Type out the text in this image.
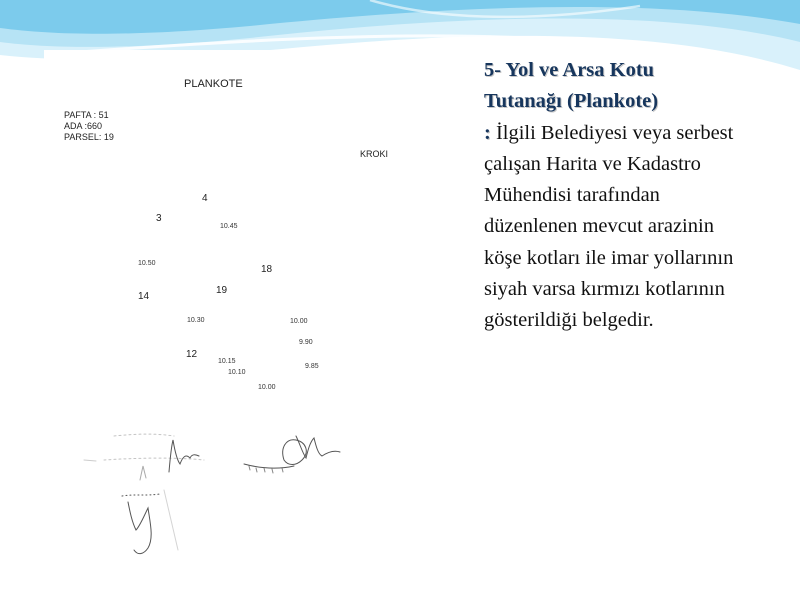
PLANKOTE
PAFTA : 51
ADA :660
PARSEL: 19
KROKI
4
3
18
14
19
12
10.45
10.50
10.30	10.00
9.90
10.15
10.10
9.85
10.00
5- Yol ve Arsa Kotu Tutanağı (Plankote)
: İlgili Belediyesi veya serbest çalışan Harita ve Kadastro Mühendisi tarafından düzenlenen mevcut arazinin köşe kotları ile imar yollarının siyah varsa kırmızı kotlarının gösterildiği belgedir.
